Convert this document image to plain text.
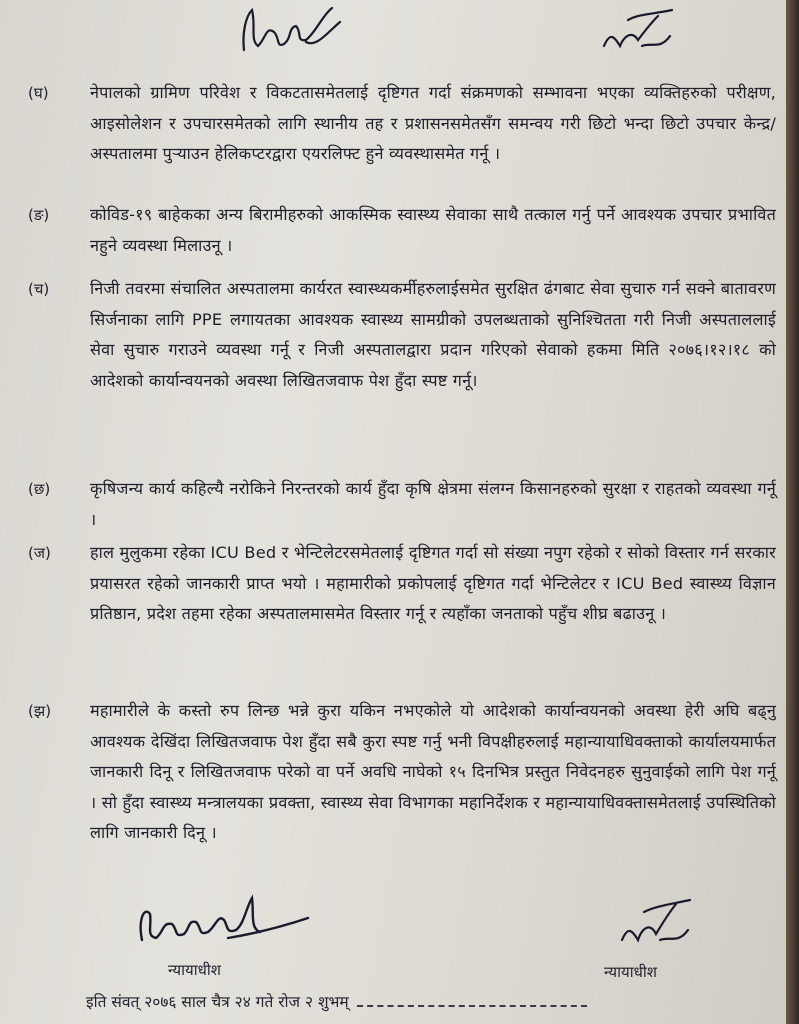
(घ)	नेपालको ग्रामिण परिवेश र विकटतासमेतलाई दृष्टिगत गर्दा संक्रमणको सम्भावना भएका व्यक्तिहरुको परीक्षण, आइसोलेशन र उपचारसमेतको लागि स्थानीय तह र प्रशासनसमेतसँग समन्वय गरी छिटो भन्दा छिटो उपचार केन्द्र/अस्पतालमा पुऱ्याउन हेलिकप्टरद्वारा एयरलिफ्ट हुने व्यवस्थासमेत गर्नू ।
(ङ)	कोविड-१९ बाहेकका अन्य बिरामीहरुको आकस्मिक स्वास्थ्य सेवाका साथै तत्काल गर्नु पर्ने आवश्यक उपचार प्रभावित नहुने व्यवस्था मिलाउनू ।
(च)	निजी तवरमा संचालित अस्पतालमा कार्यरत स्वास्थ्यकर्मीहरुलाईसमेत सुरक्षित ढंगबाट सेवा सुचारु गर्न सक्ने बातावरण सिर्जनाका लागि PPE लगायतका आवश्यक स्वास्थ्य सामग्रीको उपलब्धताको सुनिश्चितता गरी निजी अस्पताललाई सेवा सुचारु गराउने व्यवस्था गर्नू र निजी अस्पतालद्वारा प्रदान गरिएको सेवाको हकमा मिति २०७६।१२।१८ को आदेशको कार्यान्वयनको अवस्था लिखितजवाफ पेश हुँदा स्पष्ट गर्नू।
(छ)	कृषिजन्य कार्य कहिल्यै नरोकिने निरन्तरको कार्य हुँदा कृषि क्षेत्रमा संलग्न किसानहरुको सुरक्षा र राहतको व्यवस्था गर्नू ।
(ज)	हाल मुलुकमा रहेका ICU Bed र भेन्टिलेटरसमेतलाई दृष्टिगत गर्दा सो संख्या नपुग रहेको र सोको विस्तार गर्न सरकार प्रयासरत रहेको जानकारी प्राप्त भयो । महामारीको प्रकोपलाई दृष्टिगत गर्दा भेन्टिलेटर र ICU Bed स्वास्थ्य विज्ञान प्रतिष्ठान, प्रदेश तहमा रहेका अस्पतालमासमेत विस्तार गर्नू र त्यहाँका जनताको पहुँच शीघ्र बढाउनू ।
(झ)	महामारीले के कस्तो रुप लिन्छ भन्ने कुरा यकिन नभएकोले यो आदेशको कार्यान्वयनको अवस्था हेरी अघि बढ्नु आवश्यक देखिंदा लिखितजवाफ पेश हुँदा सबै कुरा स्पष्ट गर्नु भनी विपक्षीहरुलाई महान्यायाधिवक्ताको कार्यालयमार्फत जानकारी दिनू र लिखितजवाफ परेको वा पर्ने अवधि नाघेको १५ दिनभित्र प्रस्तुत निवेदनहरु सुनुवाईको लागि पेश गर्नू । सो हुँदा स्वास्थ्य मन्त्रालयका प्रवक्ता, स्वास्थ्य सेवा विभागका महानिर्देशक र महान्यायाधिवक्तासमेतलाई उपस्थितिको लागि जानकारी दिनू ।
न्यायाधीश	न्यायाधीश
इति संवत् २०७६ साल चैत्र २४ गते रोज २ शुभम्
